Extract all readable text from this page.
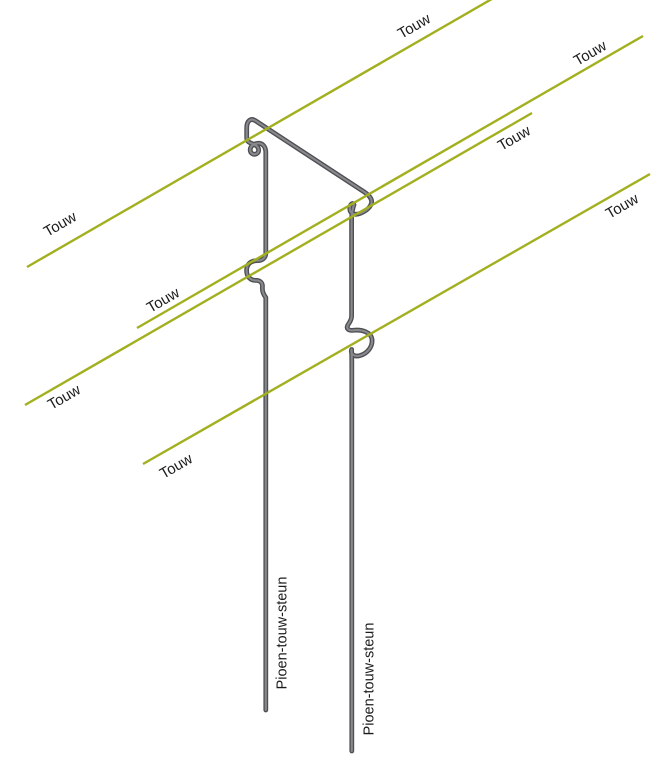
Touw
Touw
Touw
Touw
Touw
Touw
Touw
Touw
Pioen-touw-steun	Pioen-touw-steun
